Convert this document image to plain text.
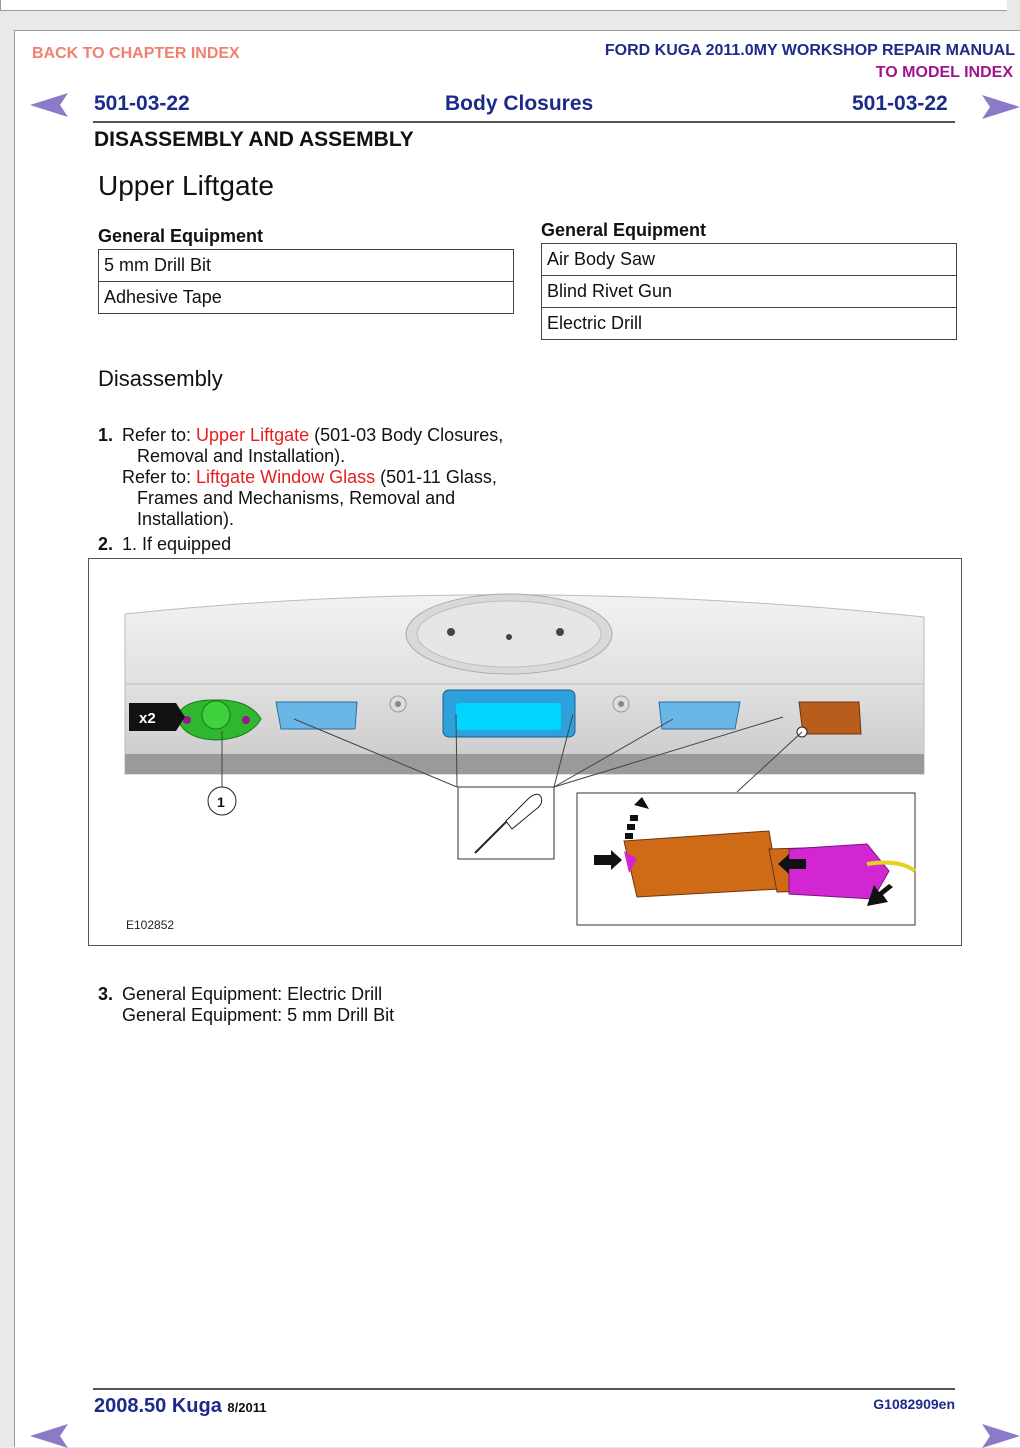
BACK TO CHAPTER INDEX	FORD KUGA 2011.0MY WORKSHOP REPAIR MANUAL
TO MODEL INDEX
501-03-22	Body Closures	501-03-22
DISASSEMBLY AND ASSEMBLY
Upper Liftgate
General Equipment
5 mm Drill Bit
Adhesive Tape
General Equipment
Air Body Saw
Blind Rivet Gun
Electric Drill
Disassembly
1. Refer to: Upper Liftgate (501-03 Body Closures,
Removal and Installation).
Refer to: Liftgate Window Glass (501-11 Glass,
Frames and Mechanisms, Removal and
Installation).
2. 1. If equipped
x2
1
E102852
3. General Equipment: Electric Drill
General Equipment: 5 mm Drill Bit
2008.50 Kuga 8/2011	G1082909en
